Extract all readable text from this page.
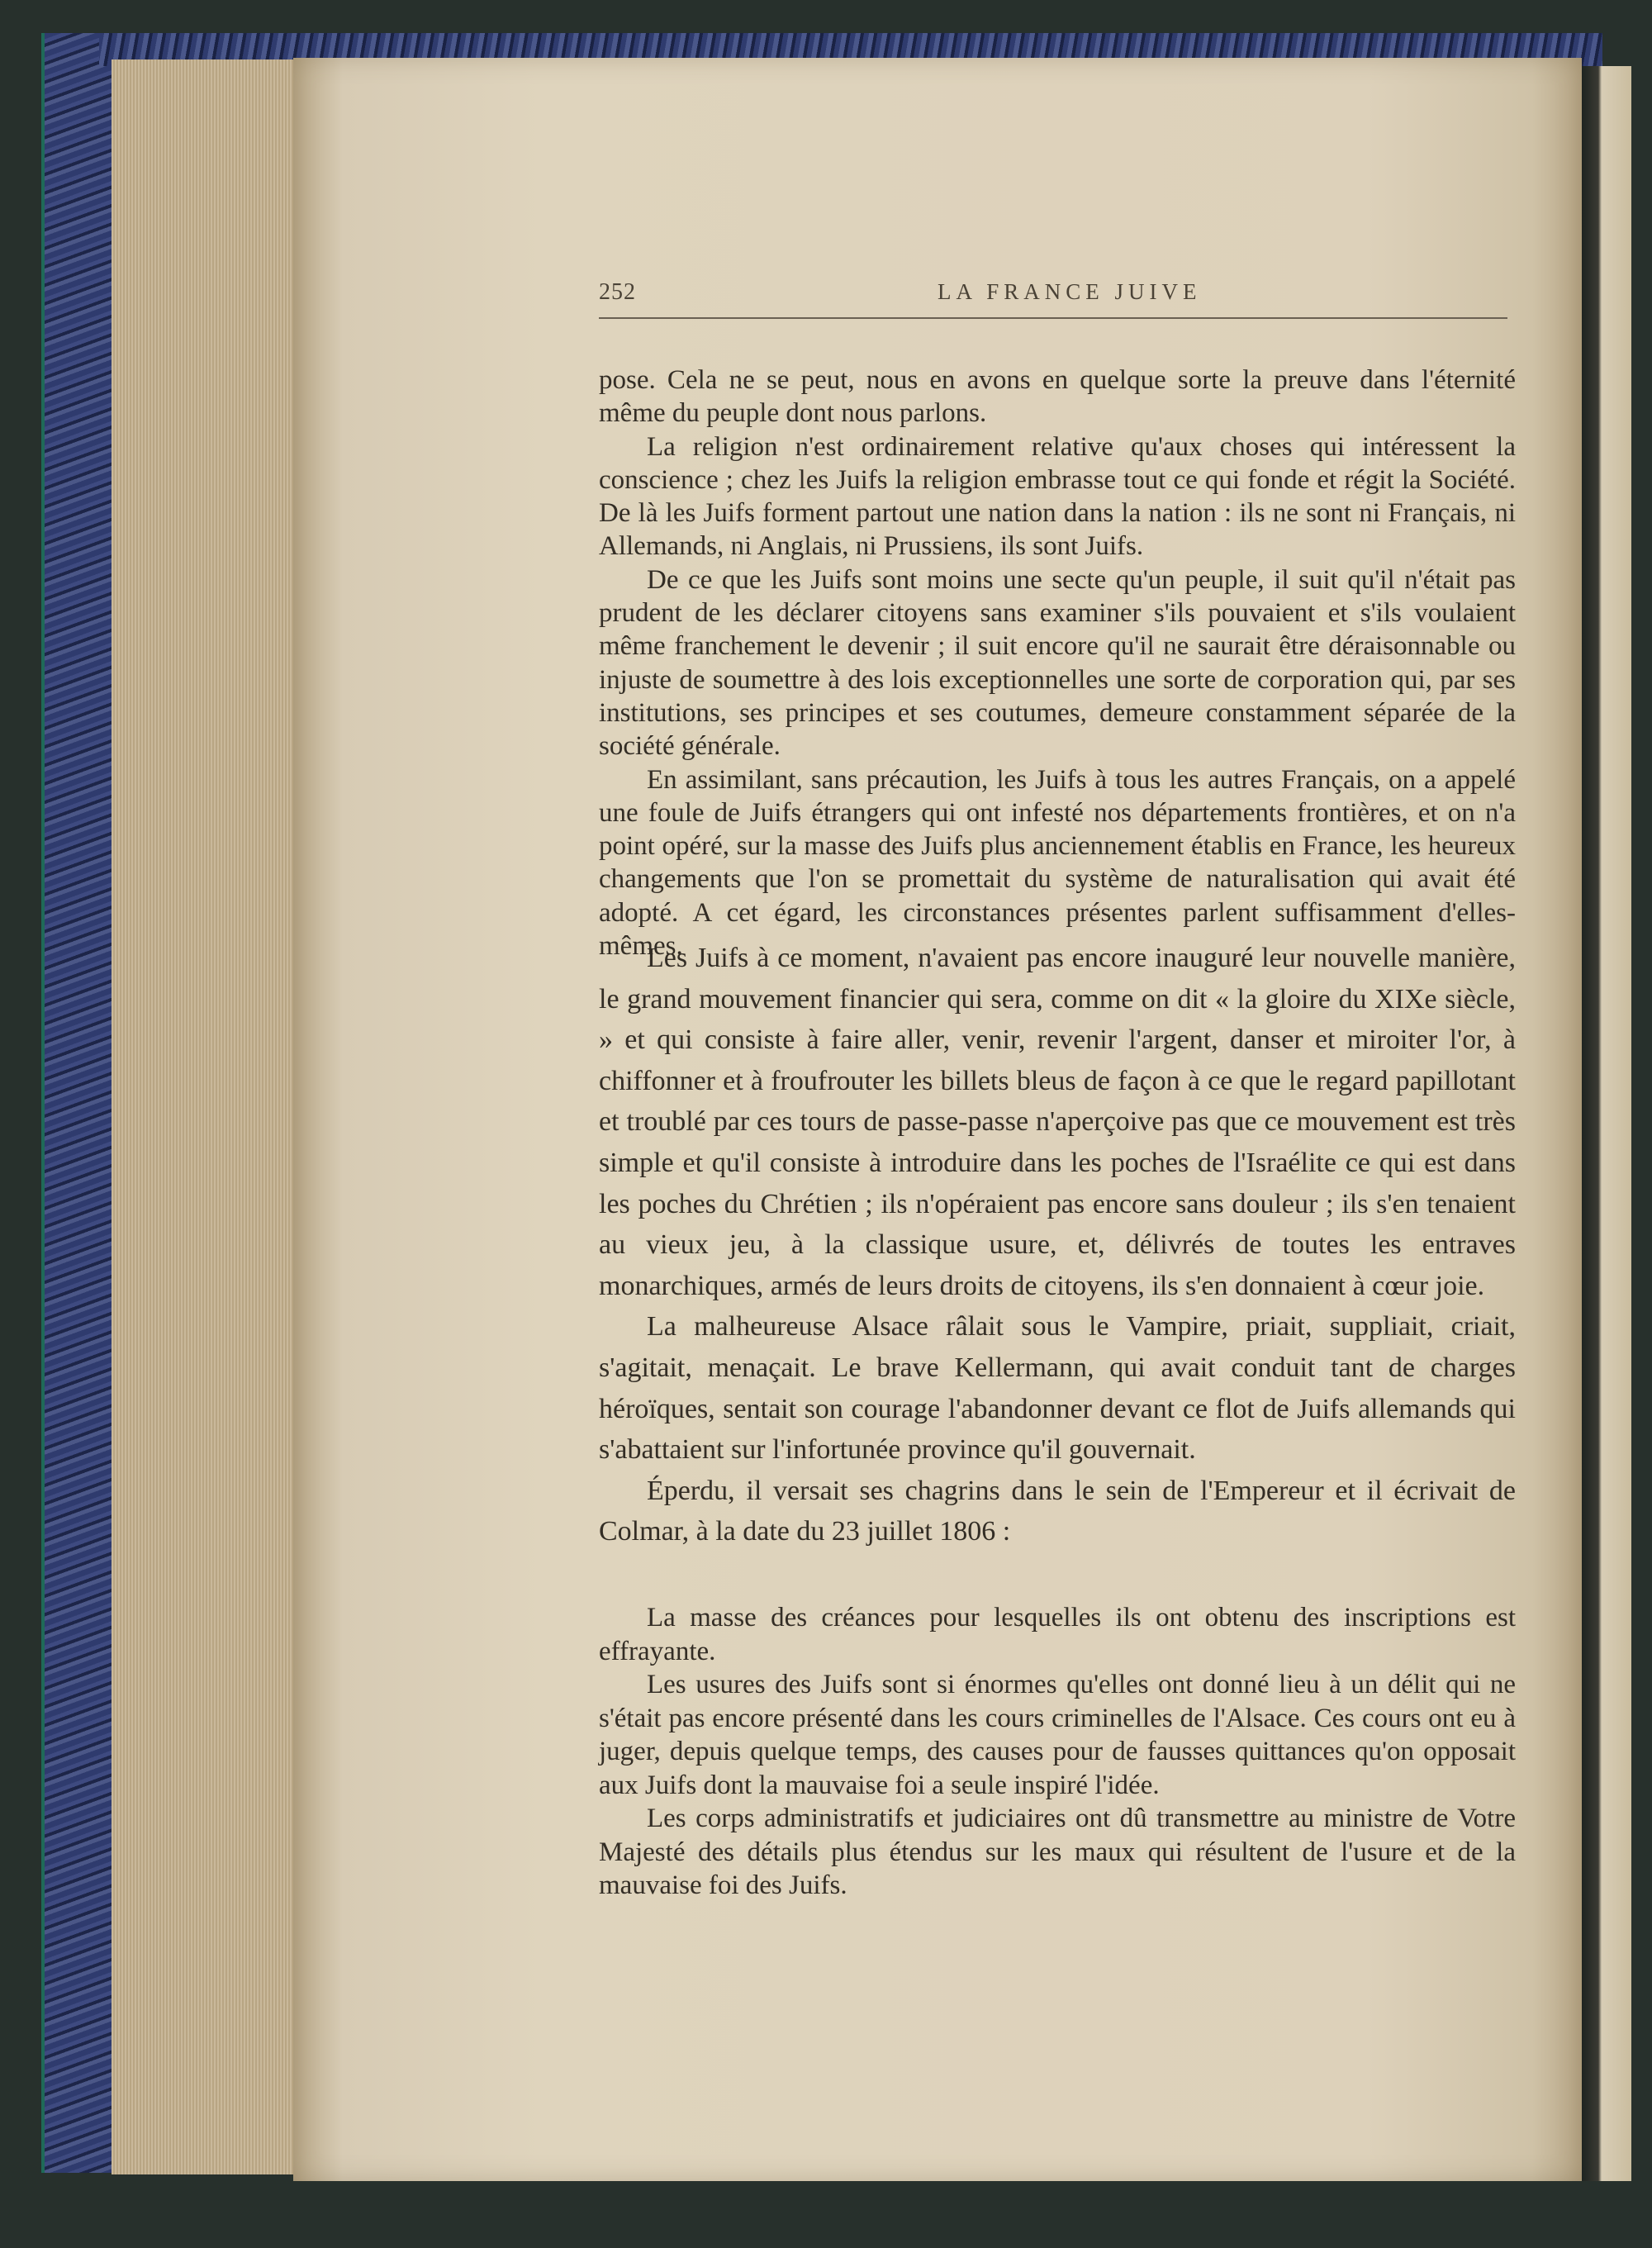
252	LA FRANCE JUIVE

pose. Cela ne se peut, nous en avons en quelque sorte la preuve dans l'éternité même du peuple dont nous parlons.

La religion n'est ordinairement relative qu'aux choses qui intéressent la conscience ; chez les Juifs la religion embrasse tout ce qui fonde et régit la Société. De là les Juifs forment partout une nation dans la nation : ils ne sont ni Français, ni Allemands, ni Anglais, ni Prussiens, ils sont Juifs.

De ce que les Juifs sont moins une secte qu'un peuple, il suit qu'il n'était pas prudent de les déclarer citoyens sans examiner s'ils pouvaient et s'ils voulaient même franchement le devenir ; il suit encore qu'il ne saurait être déraisonnable ou injuste de soumettre à des lois exceptionnelles une sorte de corporation qui, par ses institutions, ses principes et ses coutumes, demeure constamment séparée de la société générale.

En assimilant, sans précaution, les Juifs à tous les autres Français, on a appelé une foule de Juifs étrangers qui ont infesté nos départements frontières, et on n'a point opéré, sur la masse des Juifs plus anciennement établis en France, les heureux changements que l'on se promettait du système de naturalisation qui avait été adopté. A cet égard, les circonstances présentes parlent suffisamment d'elles-mêmes.

Les Juifs à ce moment, n'avaient pas encore inauguré leur nouvelle manière, le grand mouvement financier qui sera, comme on dit « la gloire du XIXe siècle, » et qui consiste à faire aller, venir, revenir l'argent, danser et miroiter l'or, à chiffonner et à froufrouter les billets bleus de façon à ce que le regard papillotant et troublé par ces tours de passe-passe n'aperçoive pas que ce mouvement est très simple et qu'il consiste à introduire dans les poches de l'Israélite ce qui est dans les poches du Chrétien ; ils n'opéraient pas encore sans douleur ; ils s'en tenaient au vieux jeu, à la classique usure, et, délivrés de toutes les entraves monarchiques, armés de leurs droits de citoyens, ils s'en donnaient à cœur joie.

La malheureuse Alsace râlait sous le Vampire, priait, suppliait, criait, s'agitait, menaçait. Le brave Kellermann, qui avait conduit tant de charges héroïques, sentait son courage l'abandonner devant ce flot de Juifs allemands qui s'abattaient sur l'infortunée province qu'il gouvernait.

Éperdu, il versait ses chagrins dans le sein de l'Empereur et il écrivait de Colmar, à la date du 23 juillet 1806 :

La masse des créances pour lesquelles ils ont obtenu des inscriptions est effrayante.

Les usures des Juifs sont si énormes qu'elles ont donné lieu à un délit qui ne s'était pas encore présenté dans les cours criminelles de l'Alsace. Ces cours ont eu à juger, depuis quelque temps, des causes pour de fausses quittances qu'on opposait aux Juifs dont la mauvaise foi a seule inspiré l'idée.

Les corps administratifs et judiciaires ont dû transmettre au ministre de Votre Majesté des détails plus étendus sur les maux qui résultent de l'usure et de la mauvaise foi des Juifs.
